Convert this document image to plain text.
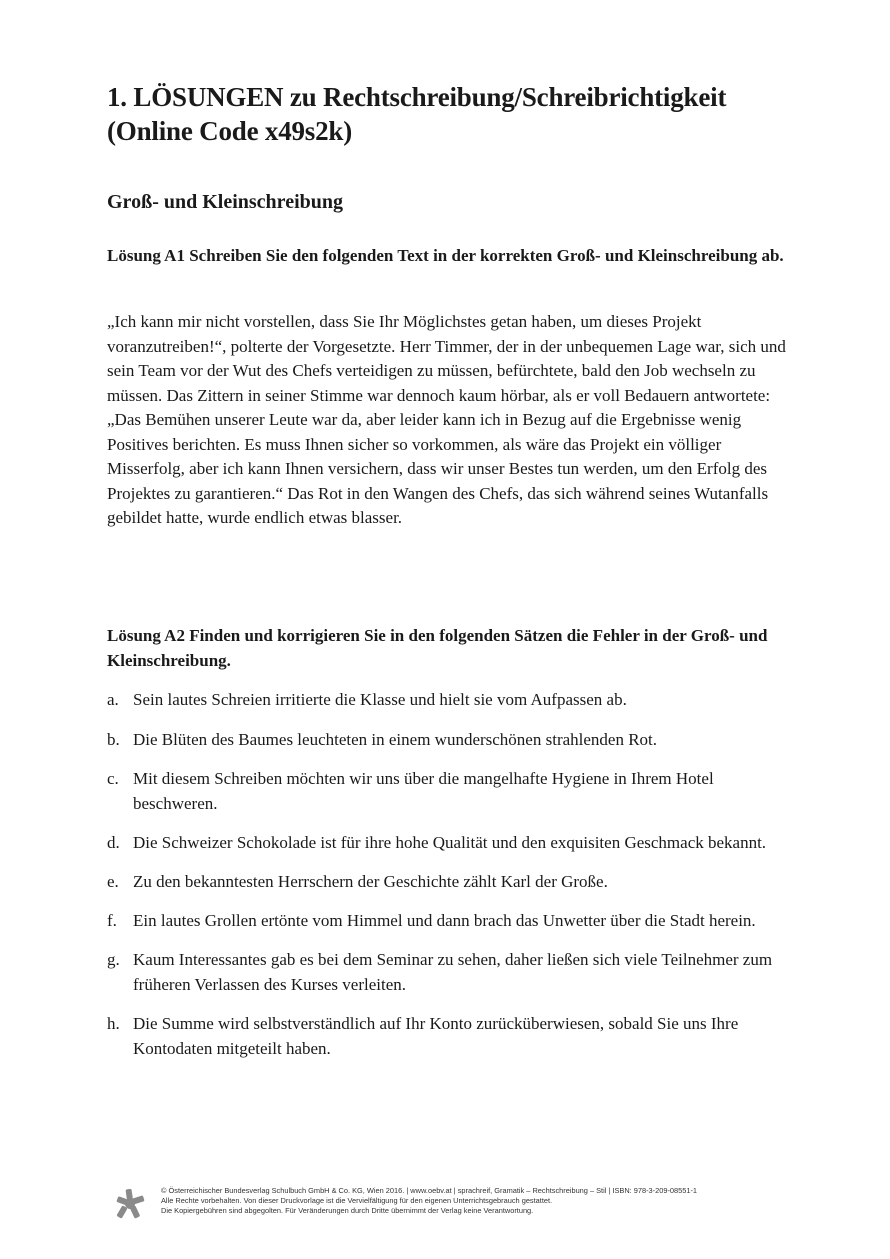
1. LÖSUNGEN zu Rechtschreibung/Schreibrichtigkeit (Online Code x49s2k)
Groß- und Kleinschreibung

Lösung A1 Schreiben Sie den folgenden Text in der korrekten Groß- und Kleinschreibung ab.

„Ich kann mir nicht vorstellen, dass Sie Ihr Möglichstes getan haben, um dieses Projekt voranzutreiben!“, polterte der Vorgesetzte. Herr Timmer, der in der unbequemen Lage war, sich und sein Team vor der Wut des Chefs verteidigen zu müssen, befürchtete, bald den Job wechseln zu müssen. Das Zittern in seiner Stimme war dennoch kaum hörbar, als er voll Bedauern antwortete: „Das Bemühen unserer Leute war da, aber leider kann ich in Bezug auf die Ergebnisse wenig Positives berichten. Es muss Ihnen sicher so vorkommen, als wäre das Projekt ein völliger Misserfolg, aber ich kann Ihnen versichern, dass wir unser Bestes tun werden, um den Erfolg des Projektes zu garantieren.“ Das Rot in den Wangen des Chefs, das sich während seines Wutanfalls gebildet hatte, wurde endlich etwas blasser.

Lösung A2 Finden und korrigieren Sie in den folgenden Sätzen die Fehler in der Groß- und Kleinschreibung.

a. Sein lautes Schreien irritierte die Klasse und hielt sie vom Aufpassen ab.
b. Die Blüten des Baumes leuchteten in einem wunderschönen strahlenden Rot.
c. Mit diesem Schreiben möchten wir uns über die mangelhafte Hygiene in Ihrem Hotel beschweren.
d. Die Schweizer Schokolade ist für ihre hohe Qualität und den exquisiten Geschmack bekannt.
e. Zu den bekanntesten Herrschern der Geschichte zählt Karl der Große.
f. Ein lautes Grollen ertönte vom Himmel und dann brach das Unwetter über die Stadt herein.
g. Kaum Interessantes gab es bei dem Seminar zu sehen, daher ließen sich viele Teilnehmer zum früheren Verlassen des Kurses verleiten.
h. Die Summe wird selbstverständlich auf Ihr Konto zurücküberwiesen, sobald Sie uns Ihre Kontodaten mitgeteilt haben.
© Österreichischer Bundesverlag Schulbuch GmbH & Co. KG, Wien 2016. | www.oebv.at | sprachreif, Gramatik – Rechtschreibung – Stil | ISBN: 978-3-209-08551-1
Alle Rechte vorbehalten. Von dieser Druckvorlage ist die Vervielfältigung für den eigenen Unterrichtsgebrauch gestattet.
Die Kopiergebühren sind abgegolten. Für Veränderungen durch Dritte übernimmt der Verlag keine Verantwortung.
